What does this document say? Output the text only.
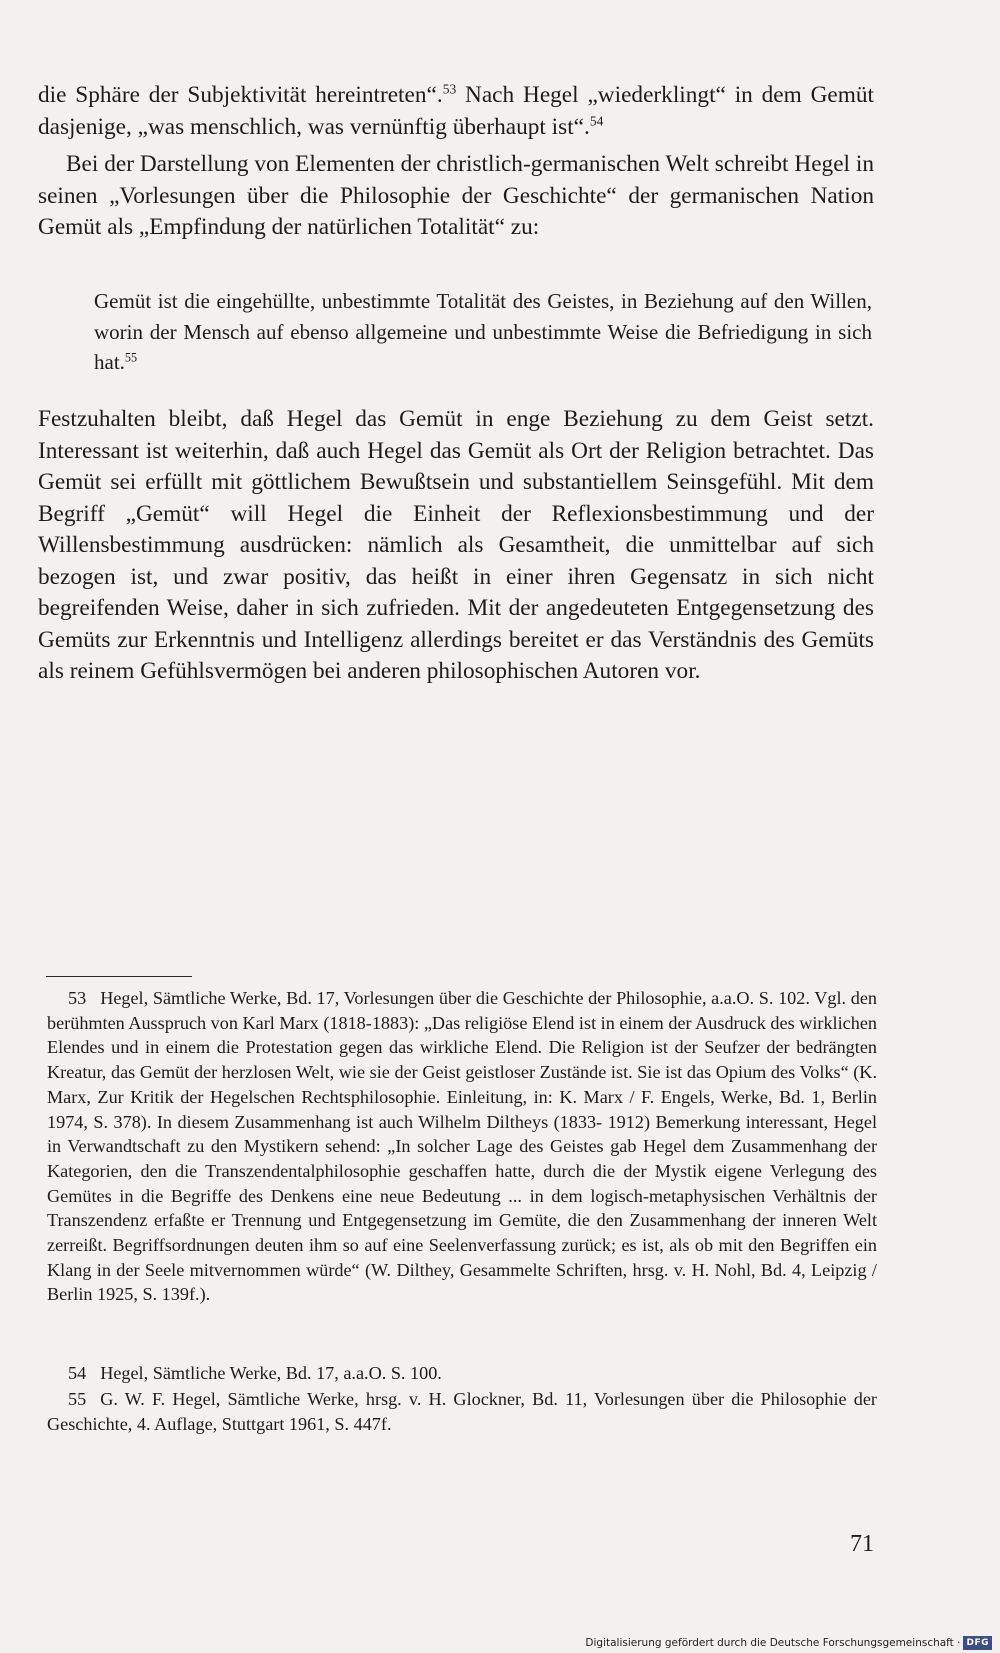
die Sphäre der Subjektivität hereintreten“.$^{53}$ Nach Hegel „wiederklingt“ in dem Gemüt dasjenige, „was menschlich, was vernünftig überhaupt ist“.$^{54}$

Bei der Darstellung von Elementen der christlich-germanischen Welt schreibt Hegel in seinen „Vorlesungen über die Philosophie der Geschichte“ der germanischen Nation Gemüt als „Empfindung der natürlichen Totalität“ zu:

Gemüt ist die eingehüllte, unbestimmte Totalität des Geistes, in Beziehung auf den Willen, worin der Mensch auf ebenso allgemeine und unbestimmte Weise die Befriedigung in sich hat.$^{55}$

Festzuhalten bleibt, daß Hegel das Gemüt in enge Beziehung zu dem Geist setzt. Interessant ist weiterhin, daß auch Hegel das Gemüt als Ort der Religion betrachtet. Das Gemüt sei erfüllt mit göttlichem Bewußtsein und substantiellem Seinsgefühl. Mit dem Begriff „Gemüt“ will Hegel die Einheit der Reflexionsbestimmung und der Willensbestimmung ausdrücken: nämlich als Gesamtheit, die unmittelbar auf sich bezogen ist, und zwar positiv, das heißt in einer ihren Gegensatz in sich nicht begreifenden Weise, daher in sich zufrieden. Mit der angedeuteten Entgegensetzung des Gemüts zur Erkenntnis und Intelligenz allerdings bereitet er das Verständnis des Gemüts als reinem Gefühlsvermögen bei anderen philosophischen Autoren vor.

53 Hegel, Sämtliche Werke, Bd. 17, Vorlesungen über die Geschichte der Philosophie, a.a.O. S. 102. Vgl. den berühmten Ausspruch von Karl Marx (1818-1883): „Das religiöse Elend ist in einem der Ausdruck des wirklichen Elendes und in einem die Protestation gegen das wirkliche Elend. Die Religion ist der Seufzer der bedrängten Kreatur, das Gemüt der herzlosen Welt, wie sie der Geist geistloser Zustände ist. Sie ist das Opium des Volks“ (K. Marx, Zur Kritik der Hegelschen Rechtsphilosophie. Einleitung, in: K. Marx / F. Engels, Werke, Bd. 1, Berlin 1974, S. 378). In diesem Zusammenhang ist auch Wilhelm Diltheys (1833- 1912) Bemerkung interessant, Hegel in Verwandtschaft zu den Mystikern sehend: „In solcher Lage des Geistes gab Hegel dem Zusammenhang der Kategorien, den die Transzendentalphilosophie geschaffen hatte, durch die der Mystik eigene Verlegung des Gemütes in die Begriffe des Denkens eine neue Bedeutung ... in dem logisch-metaphysischen Verhältnis der Transzendenz erfaßte er Trennung und Entgegensetzung im Gemüte, die den Zusammenhang der inneren Welt zerreißt. Begriffsordnungen deuten ihm so auf eine Seelenverfassung zurück; es ist, als ob mit den Begriffen ein Klang in der Seele mitvernommen würde“ (W. Dilthey, Gesammelte Schriften, hrsg. v. H. Nohl, Bd. 4, Leipzig / Berlin 1925, S. 139f.).

54 Hegel, Sämtliche Werke, Bd. 17, a.a.O. S. 100.

55 G. W. F. Hegel, Sämtliche Werke, hrsg. v. H. Glockner, Bd. 11, Vorlesungen über die Philosophie der Geschichte, 4. Auflage, Stuttgart 1961, S. 447f.

71
Digitalisierung gefördert durch die Deutsche Forschungsgemeinschaft · DFG
